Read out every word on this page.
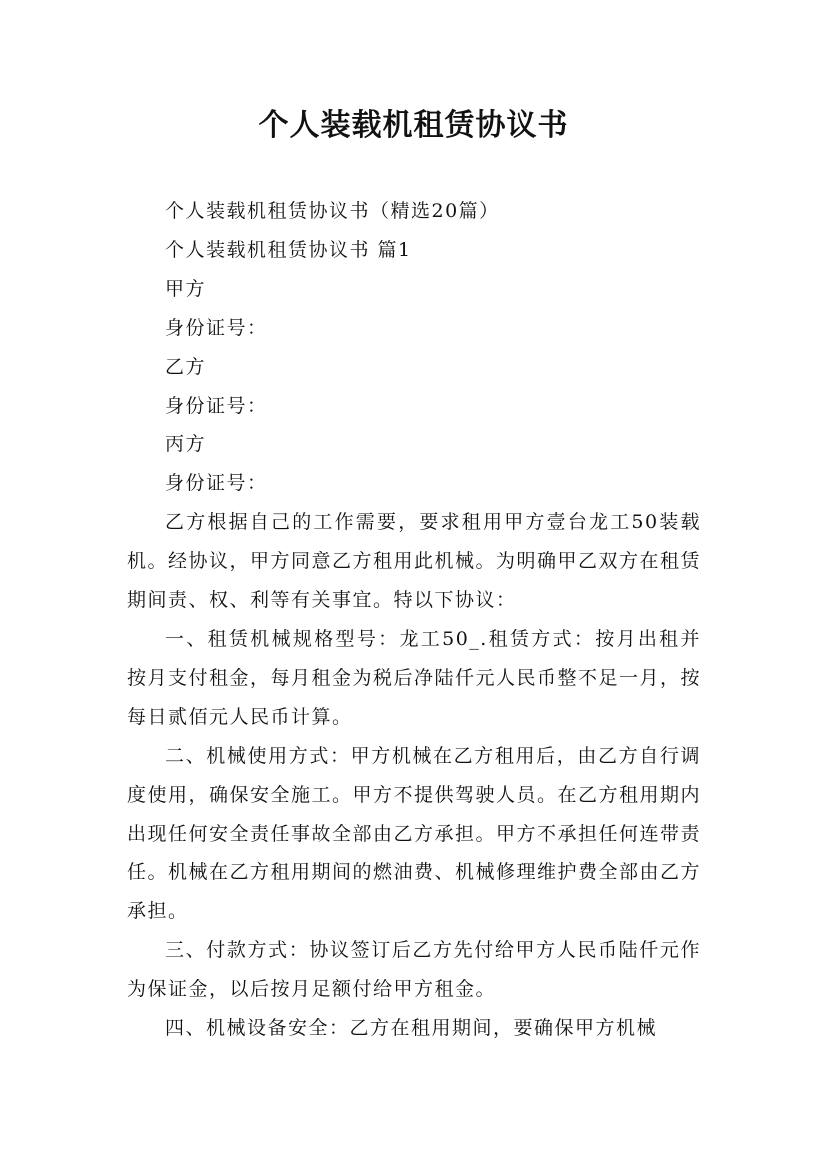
个人装载机租赁协议书

个人装载机租赁协议书（精选20篇）

个人装载机租赁协议书 篇1

甲方

身份证号：

乙方

身份证号：

丙方

身份证号：

乙方根据自己的工作需要，要求租用甲方壹台龙工50装载机。经协议，甲方同意乙方租用此机械。为明确甲乙双方在租赁期间责、权、利等有关事宜。特以下协议：

一、租赁机械规格型号：龙工50_.租赁方式：按月出租并按月支付租金，每月租金为税后净陆仟元人民币整不足一月，按每日贰佰元人民币计算。

二、机械使用方式：甲方机械在乙方租用后，由乙方自行调度使用，确保安全施工。甲方不提供驾驶人员。在乙方租用期内出现任何安全责任事故全部由乙方承担。甲方不承担任何连带责任。机械在乙方租用期间的燃油费、机械修理维护费全部由乙方承担。

三、付款方式：协议签订后乙方先付给甲方人民币陆仟元作为保证金，以后按月足额付给甲方租金。

四、机械设备安全：乙方在租用期间，要确保甲方机械
